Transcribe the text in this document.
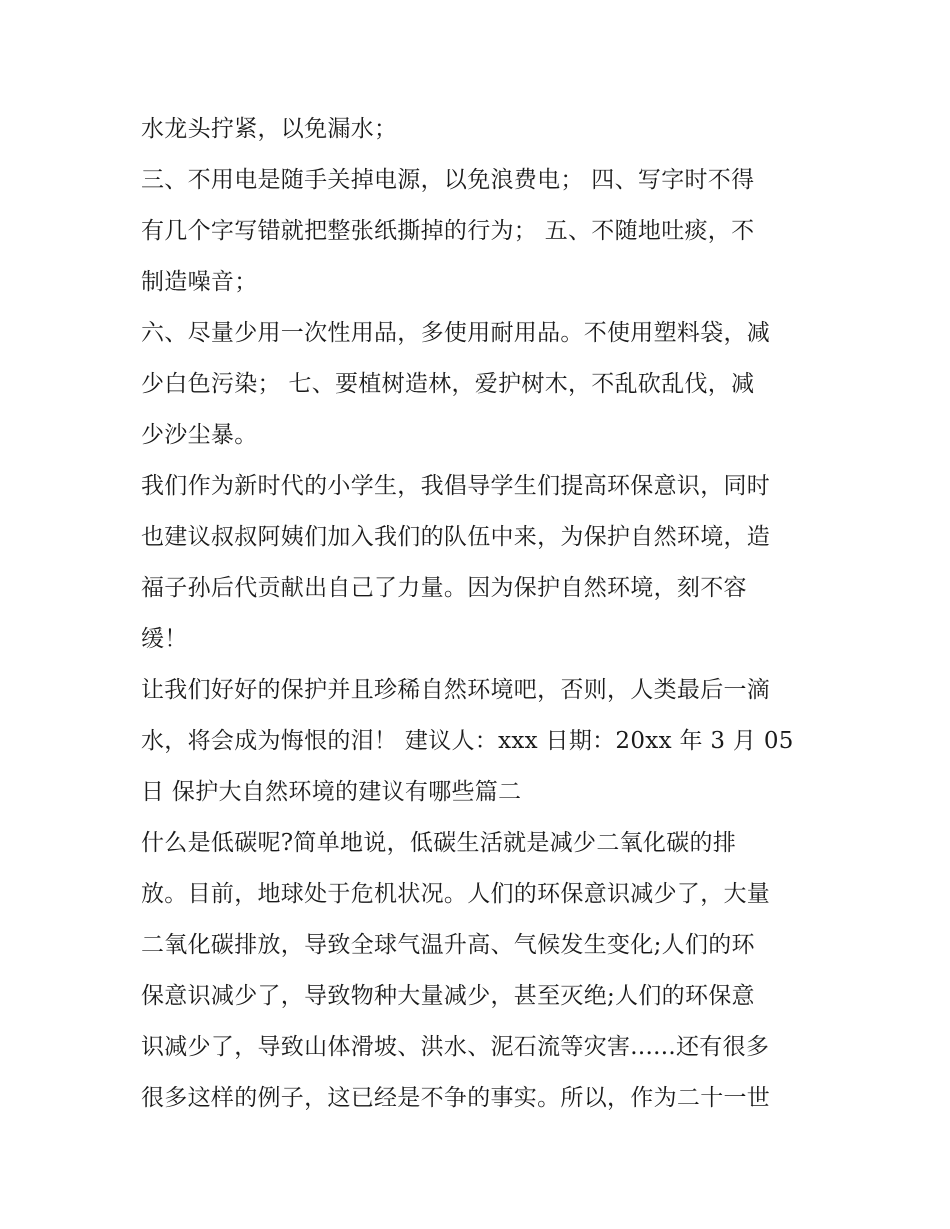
水龙头拧紧，以免漏水；
三、不用电是随手关掉电源，以免浪费电； 四、写字时不得
有几个字写错就把整张纸撕掉的行为； 五、不随地吐痰，不
制造噪音；
六、尽量少用一次性用品，多使用耐用品。不使用塑料袋，减
少白色污染； 七、要植树造林，爱护树木，不乱砍乱伐，减
少沙尘暴。
我们作为新时代的小学生，我倡导学生们提高环保意识，同时
也建议叔叔阿姨们加入我们的队伍中来，为保护自然环境，造
福子孙后代贡献出自己了力量。因为保护自然环境，刻不容
缓！
让我们好好的保护并且珍稀自然环境吧，否则，人类最后一滴
水，将会成为悔恨的泪！ 建议人：xxx 日期：20xx 年 3 月 05
日 保护大自然环境的建议有哪些篇二
什么是低碳呢?简单地说，低碳生活就是减少二氧化碳的排
放。目前，地球处于危机状况。人们的环保意识减少了，大量
二氧化碳排放，导致全球气温升高、气候发生变化;人们的环
保意识减少了，导致物种大量减少，甚至灭绝;人们的环保意
识减少了，导致山体滑坡、洪水、泥石流等灾害......还有很多
很多这样的例子，这已经是不争的事实。所以，作为二十一世
